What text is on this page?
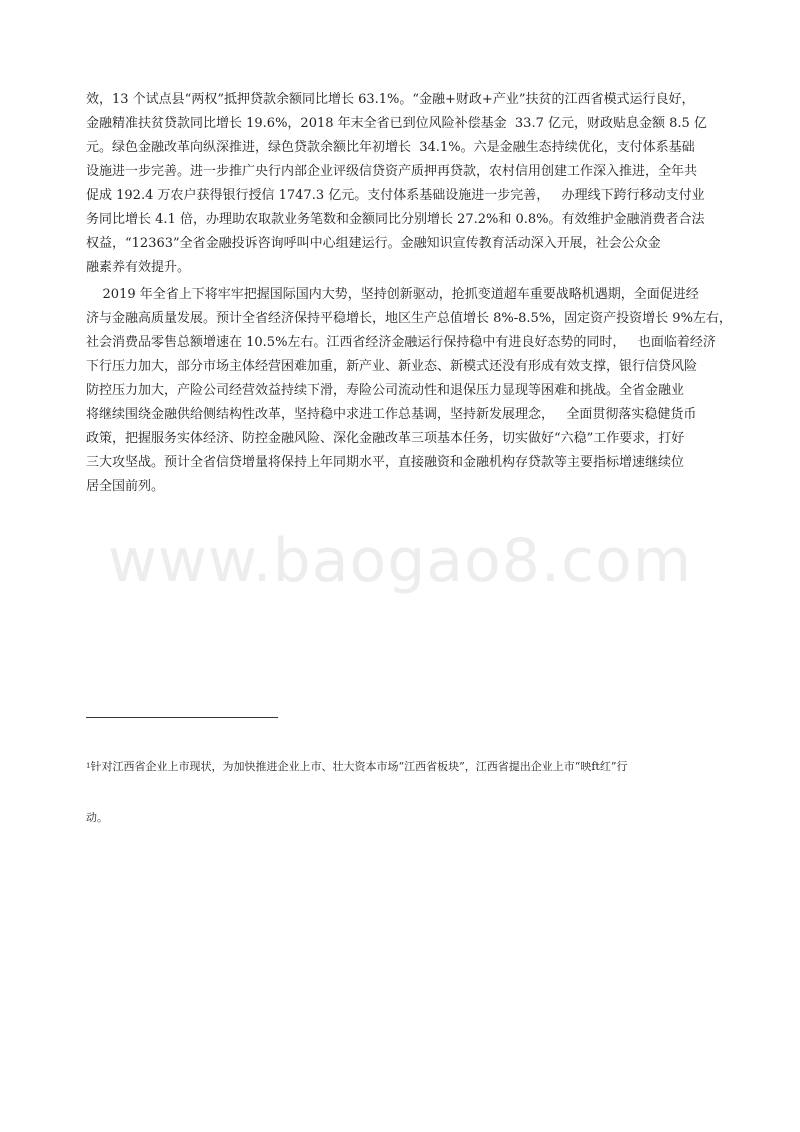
效，13 个试点县“两权”抵押贷款余额同比增长 63.1%。“金融+财政+产业”扶贫的江西省模式运行良好，

金融精准扶贫贷款同比增长 19.6%，2018 年末全省已到位风险补偿基金  33.7 亿元，财政贴息金额 8.5 亿

元。绿色金融改革向纵深推进，绿色贷款余额比年初增长  34.1%。六是金融生态持续优化，支付体系基础

设施进一步完善。进一步推广央行内部企业评级信贷资产质押再贷款，农村信用创建工作深入推进，全年共

促成 192.4 万农户获得银行授信 1747.3 亿元。支付体系基础设施进一步完善，   办理线下跨行移动支付业

务同比增长 4.1 倍，办理助农取款业务笔数和金额同比分别增长 27.2%和 0.8%。有效维护金融消费者合法

权益，“12363”全省金融投诉咨询呼叫中心组建运行。金融知识宣传教育活动深入开展，社会公众金

融素养有效提升。

2019 年全省上下将牢牢把握国际国内大势，坚持创新驱动，抢抓变道超车重要战略机遇期，全面促进经

济与金融高质量发展。预计全省经济保持平稳增长，地区生产总值增长 8%-8.5%，固定资产投资增长 9%左右，

社会消费品零售总额增速在 10.5%左右。江西省经济金融运行保持稳中有进良好态势的同时，   也面临着经济

下行压力加大，部分市场主体经营困难加重，新产业、新业态、新模式还没有形成有效支撑，银行信贷风险

防控压力加大，产险公司经营效益持续下滑，寿险公司流动性和退保压力显现等困难和挑战。全省金融业

将继续围绕金融供给侧结构性改革，坚持稳中求进工作总基调，坚持新发展理念，   全面贯彻落实稳健货币

政策，把握服务实体经济、防控金融风险、深化金融改革三项基本任务，切实做好“六稳”工作要求，打好

三大攻坚战。预计全省信贷增量将保持上年同期水平，直接融资和金融机构存贷款等主要指标增速继续位

居全国前列。

www.baogao8.com

$^1$针对江西省企业上市现状，为加快推进企业上市、壮大资本市场“江西省板块”，江西省提出企业上市“映ft红”行

动。
